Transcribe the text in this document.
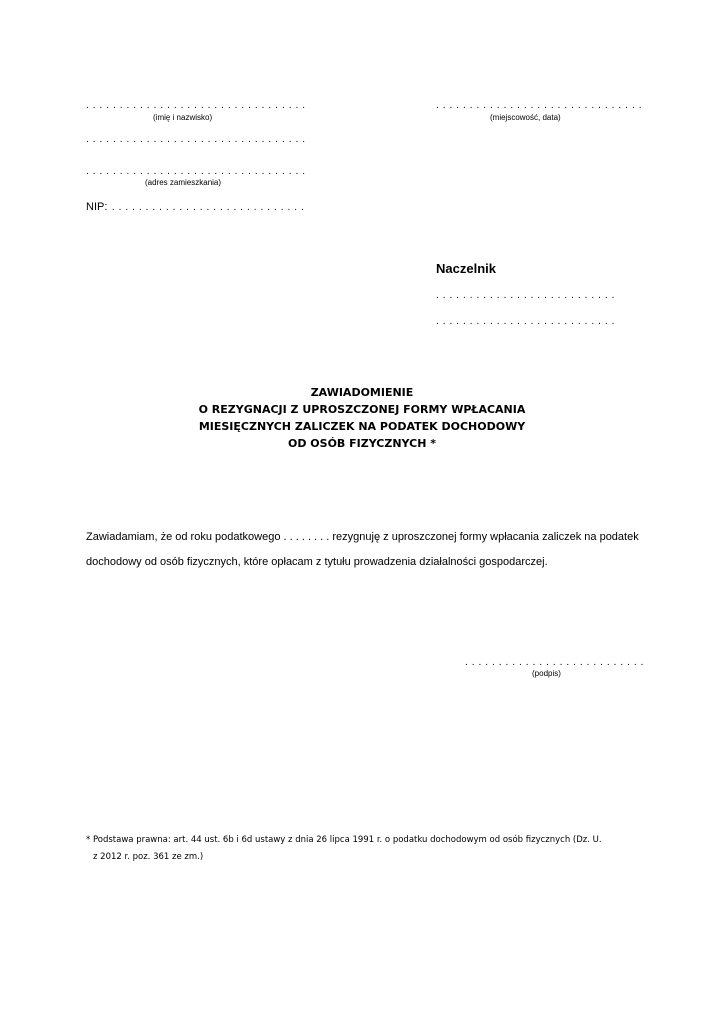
. . . . . . . . . . . . . . . . . . . . . . . . . . . . . . . . .
(imię i nazwisko)
. . . . . . . . . . . . . . . . . . . . . . . . . . . . . . . . .
. . . . . . . . . . . . . . . . . . . . . . . . . . . . . . . . .
(adres zamieszkania)
NIP: . . . . . . . . . . . . . . . . . . . . . . . . . . . . .
. . . . . . . . . . . . . . . . . . . . . . . . . . . . . . .
(miejscowość, data)
Naczelnik
. . . . . . . . . . . . . . . . . . . . . . . . . . .
. . . . . . . . . . . . . . . . . . . . . . . . . . .
ZAWIADOMIENIE
O REZYGNACJI Z UPROSZCZONEJ FORMY WPŁACANIA
MIESIĘCZNYCH ZALICZEK NA PODATEK DOCHODOWY
OD OSÓB FIZYCZNYCH *
Zawiadamiam, że od roku podatkowego . . . . . . . . rezygnuję z uproszczonej formy wpłacania zaliczek na podatek
dochodowy od osób fizycznych, które opłacam z tytułu prowadzenia działalności gospodarczej.
. . . . . . . . . . . . . . . . . . . . . . . . . . .
(podpis)
* Podstawa prawna: art. 44 ust. 6b i 6d ustawy z dnia 26 lipca 1991 r. o podatku dochodowym od osób fizycznych (Dz. U.
z 2012 r. poz. 361 ze zm.)
